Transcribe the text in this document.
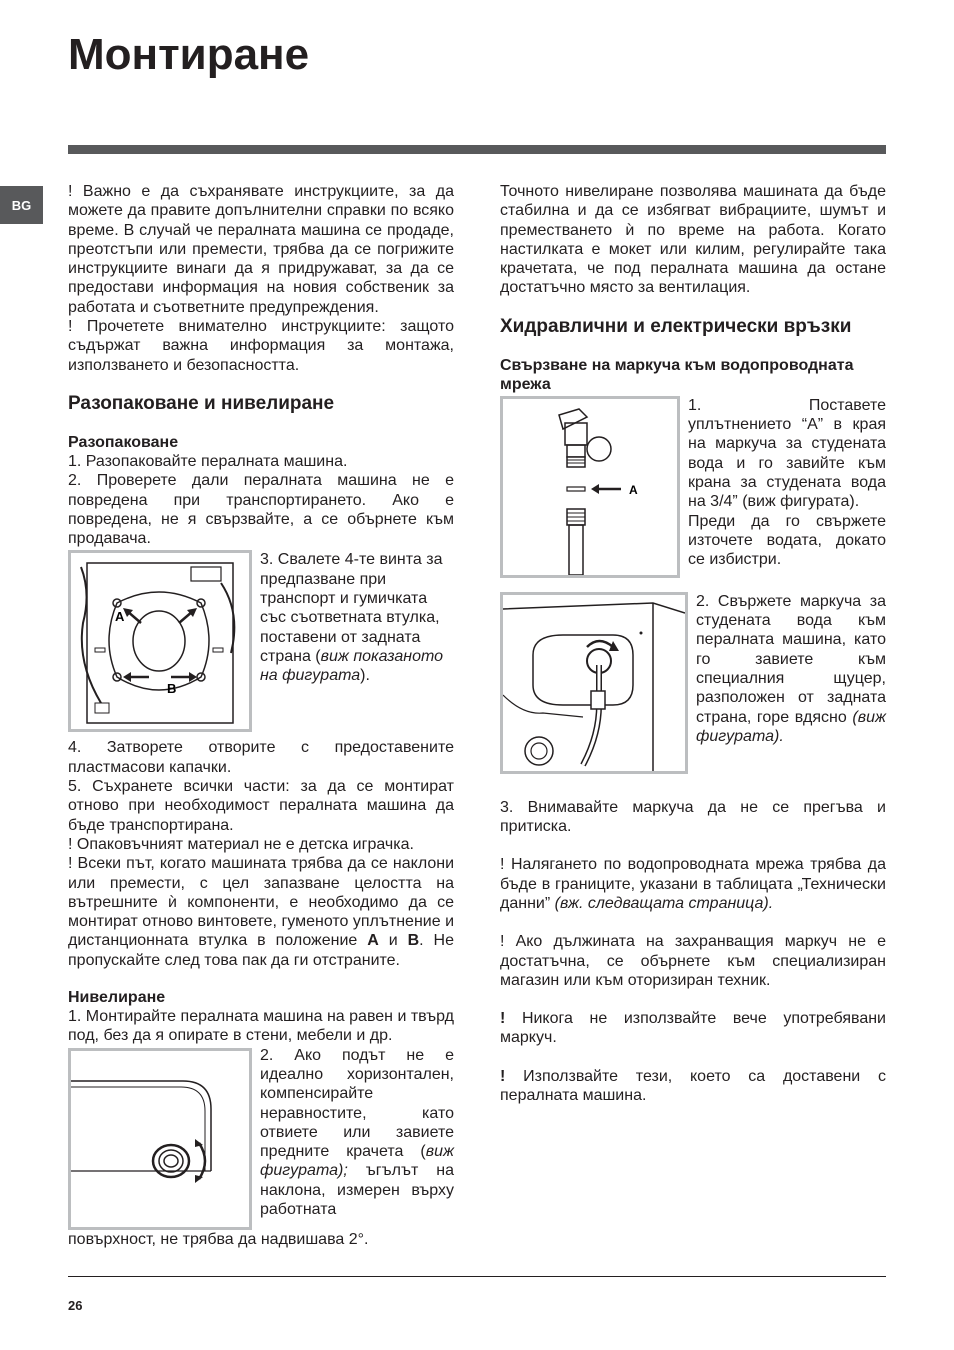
Монтиране
BG

! Важно е да съхранявате инструкциите, за да можете да правите допълнителни справки по всяко време. В случай че пералната машина се продаде, преотстъпи или премести, трябва да се погрижите инструкциите винаги да я придружават, за да се предостави информация на новия собственик за работата и съответните предупреждения.

! Прочетете внимателно инструкциите: защото съдържат важна информация за монтажа, използването и безопасността.

Разопаковане и нивелиране
Разопаковане

1. Разопаковайте пералната машина.

2. Проверете дали пералната машина не е повредена при транспортирането. Ако е повредена, не я свързвайте, а се обърнете към продавача.

A
B
3. Свалете 4-те винта за предпазване при транспорт и гумичката със съответната втулка, поставени от задната страна (виж показаното на фигурата).

4. Затворете отворите с предоставените пластмасови капачки.

5. Съхранете всички части: за да се монтират отново при необходимост пералната машина да бъде транспортирана.

! Опаковъчният материал не е детска играчка.

! Всеки път, когато машината трябва да се наклони или премести, с цел запазване целостта на вътрешните ѝ компоненти, е необходимо да се монтират отново винтовете, гуменото уплътнение и дистанционната втулка в положение A и B. Не пропускайте след това пак да ги отстраните.

Нивелиране

1. Монтирайте пералната машина на равен и твърд под, без да я опирате в стени, мебели и др.

2. Ако подът не е идеално хоризонтален, компенсирайте неравностите, като отвиете или завиете предните крачета (виж фигурата); ъгълът на наклона, измерен върху работната

повърхност, не трябва да надвишава 2°.

Точното нивелиране позволява машината да бъде стабилна и да се избягват вибрациите, шумът и преместването ѝ по време на работа. Когато настилката е мокет или килим, регулирайте така крачетата, че под пералната машина да остане достатъчно място за вентилация.

Хидравлични и електрически връзки
Свързване на маркуча към водопроводната мрежа
A

1. Поставете уплътнението “A” в края на маркуча за студената вода и го завийте към крана за студената вода на 3/4” (виж фигурата).

Преди да го свържете източете водата, докато се избистри.

2. Свържете маркуча за студената вода към пералната машина, като го завиете към специалния щуцер, разположен от задната страна, горе вдясно (виж фигурата).

3. Внимавайте маркуча да не се прегъва и притиска.

! Налягането по водопроводната мрежа трябва да бъде в границите, указани в таблицата „Технически данни” (вж. следващата страница).

! Ако дължината на захранващия маркуч не е достатъчна, се обърнете към специализиран магазин или към оторизиран техник.

! Никога не използвайте вече употребявани маркуч.

! Използвайте тези, което са доставени с пералната машина.

26
